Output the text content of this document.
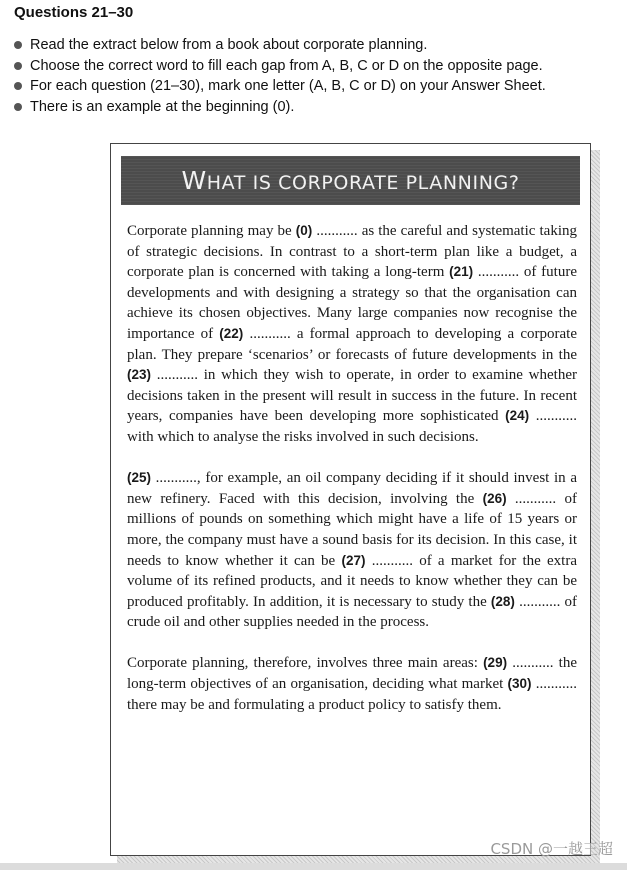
Questions 21–30
Read the extract below from a book about corporate planning.
Choose the correct word to fill each gap from A, B, C or D on the opposite page.
For each question (21–30), mark one letter (A, B, C or D) on your Answer Sheet.
There is an example at the beginning (0).
WHAT IS CORPORATE PLANNING?

Corporate planning may be (0) ........... as the careful and systematic taking of strategic decisions. In contrast to a short-term plan like a budget, a corporate plan is concerned with taking a long-term (21) ........... of future developments and with designing a strategy so that the organisation can achieve its chosen objectives. Many large companies now recognise the importance of (22) ........... a formal approach to developing a corporate plan. They prepare ‘scenarios’ or forecasts of future developments in the (23) ........... in which they wish to operate, in order to examine whether decisions taken in the present will result in success in the future. In recent years, companies have been developing more sophisticated (24) ........... with which to analyse the risks involved in such decisions.

(25) ..........., for example, an oil company deciding if it should invest in a new refinery. Faced with this decision, involving the (26) ........... of millions of pounds on something which might have a life of 15 years or more, the company must have a sound basis for its decision. In this case, it needs to know whether it can be (27) ........... of a market for the extra volume of its refined products, and it needs to know whether they can be produced profitably. In addition, it is necessary to study the (28) ........... of crude oil and other supplies needed in the process.

Corporate planning, therefore, involves three main areas: (29) ........... the long-term objectives of an organisation, deciding what market (30) ........... there may be and formulating a product policy to satisfy them.

CSDN @一越王超
